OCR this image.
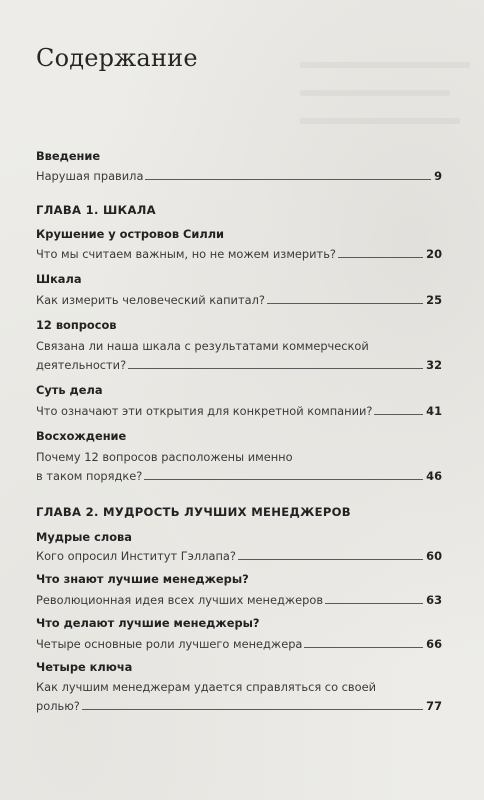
Содержание
Введение
Нарушая правила	9
ГЛАВА 1. ШКАЛА
Крушение у островов Силли
Что мы считаем важным, но не можем измерить?	20
Шкала
Как измерить человеческий капитал?	25
12 вопросов
Связана ли наша шкала с результатами коммерческой
деятельности?	32
Суть дела
Что означают эти открытия для конкретной компании?	41
Восхождение
Почему 12 вопросов расположены именно
в таком порядке?	46
ГЛАВА 2. МУДРОСТЬ ЛУЧШИХ МЕНЕДЖЕРОВ
Мудрые слова
Кого опросил Институт Гэллапа?	60
Что знают лучшие менеджеры?
Революционная идея всех лучших менеджеров	63
Что делают лучшие менеджеры?
Четыре основные роли лучшего менеджера	66
Четыре ключа
Как лучшим менеджерам удается справляться со своей
ролью?	77
